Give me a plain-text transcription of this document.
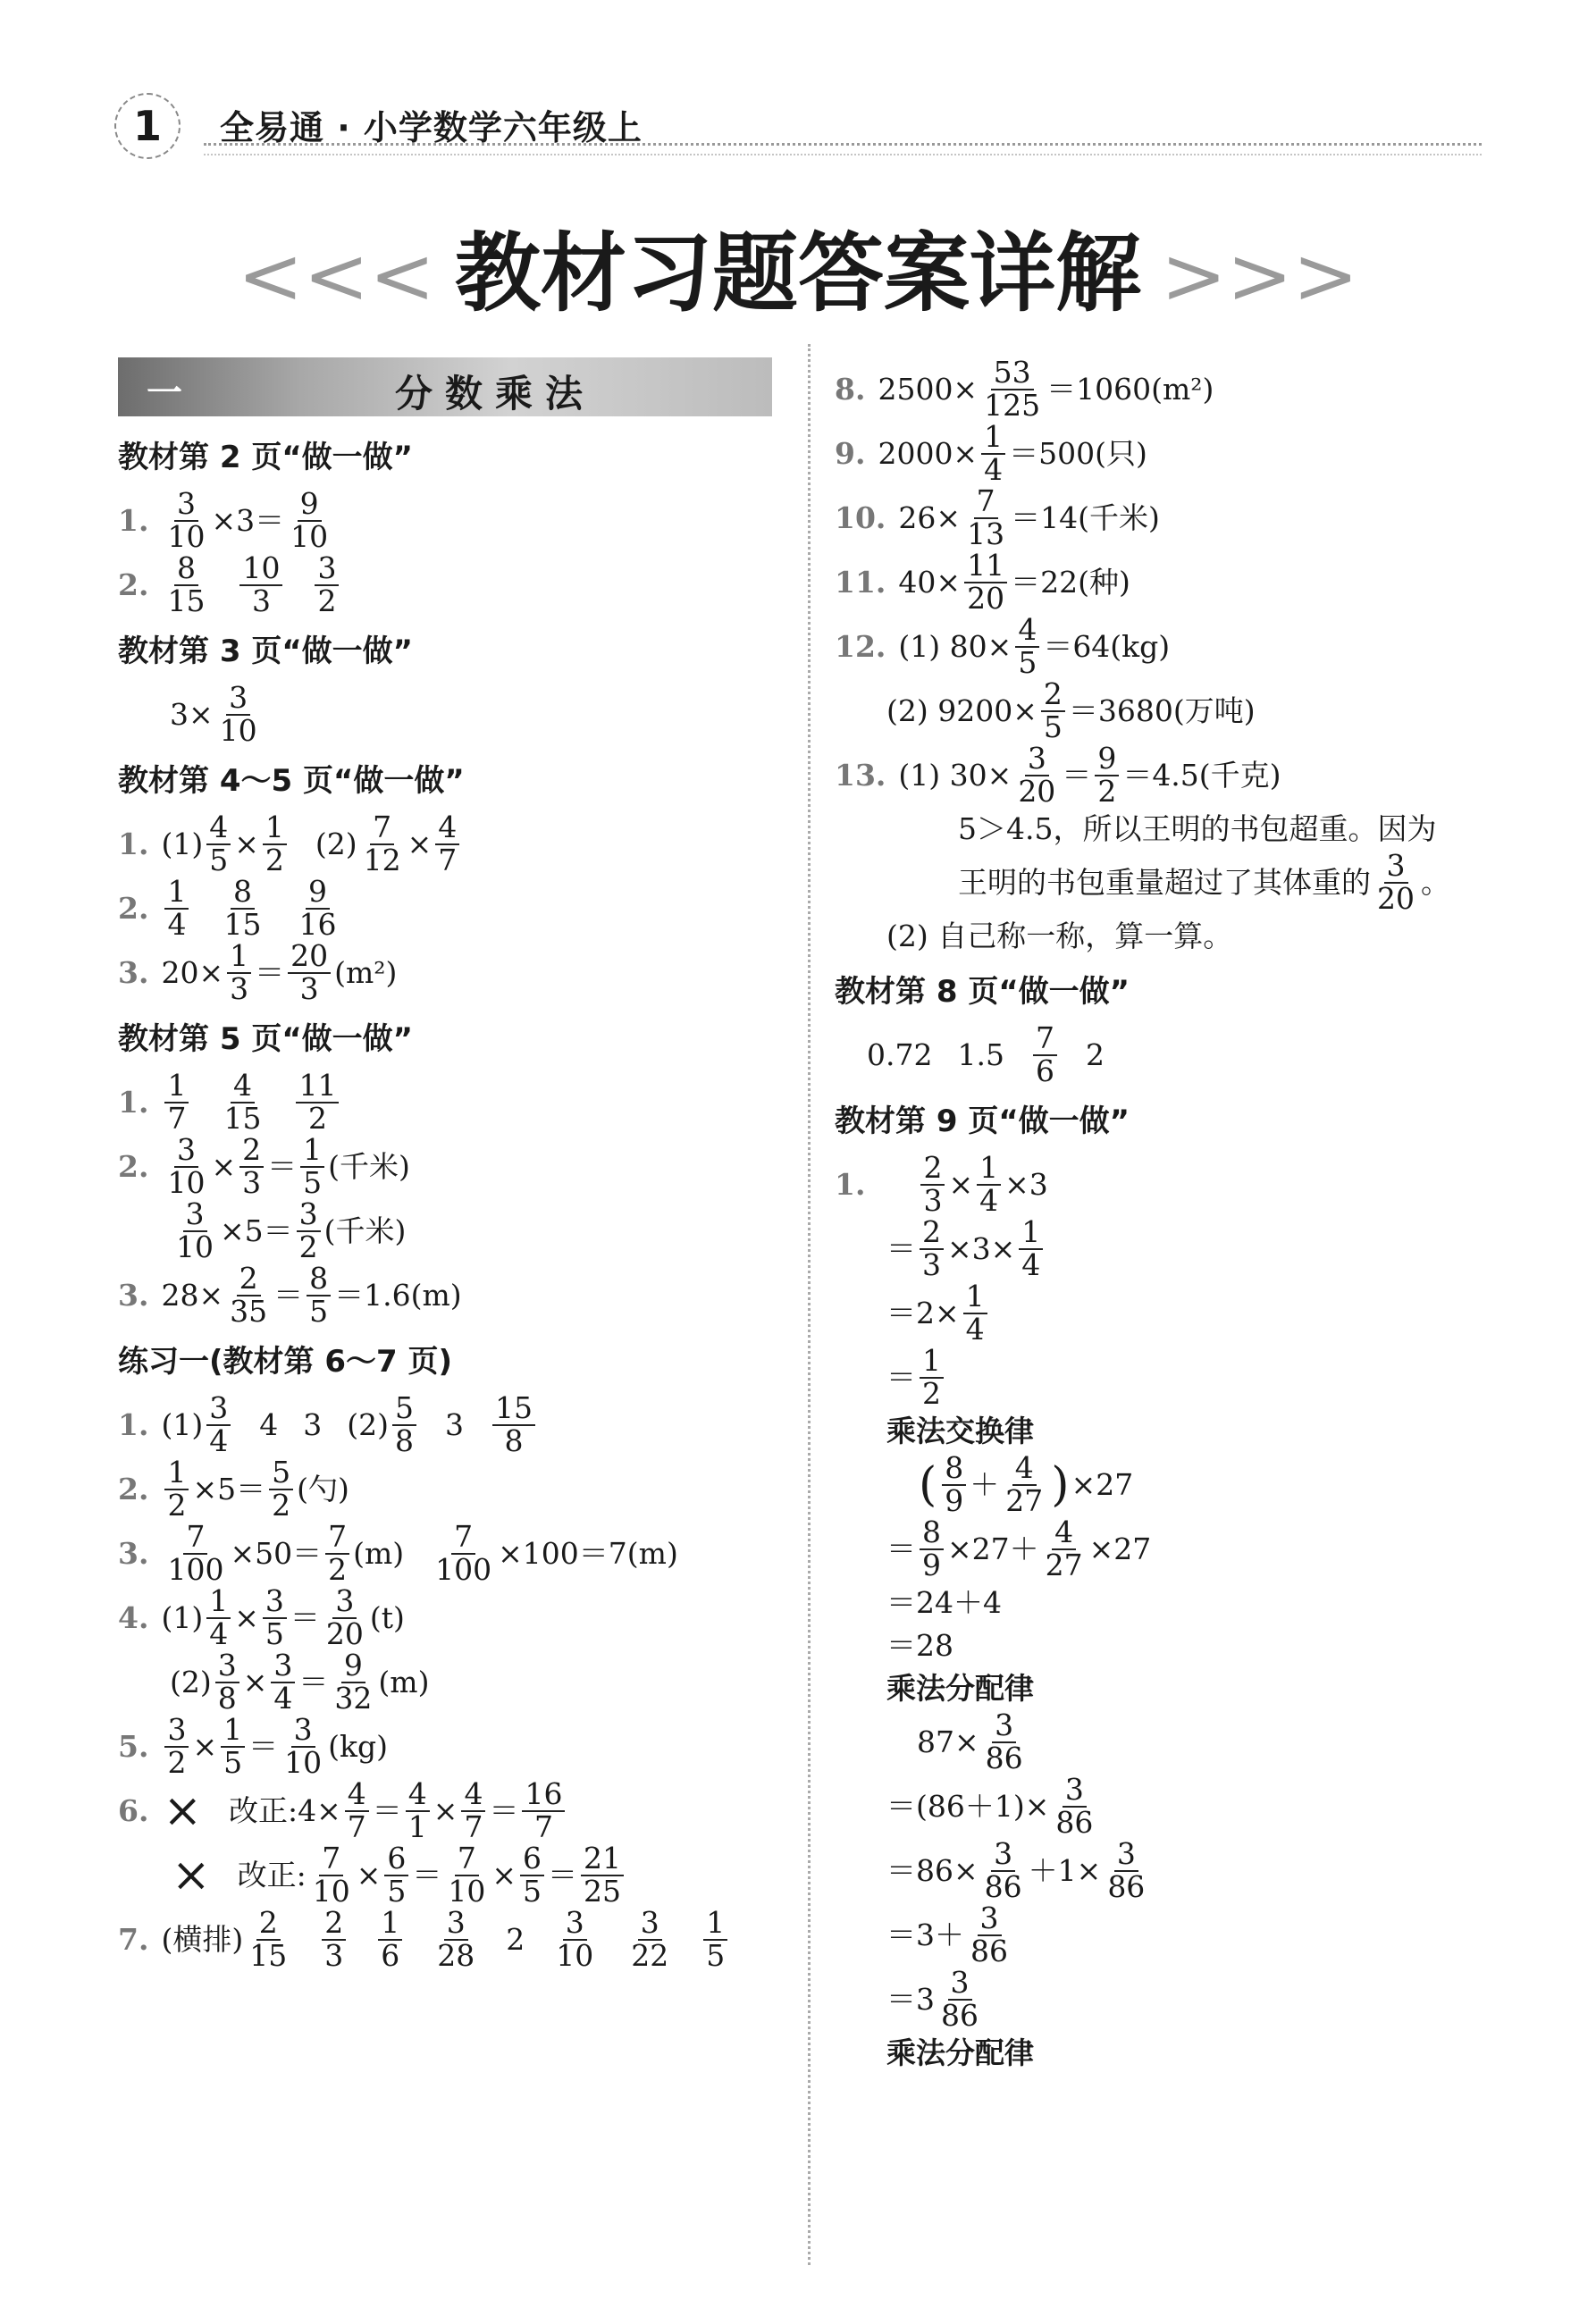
1	全易通 · 小学数学六年级上
<<< 教材习题答案详解 >>>
一	分数乘法
教材第 2 页“做一做”
1. 3
10 ×3＝ 9
10
2. 8
15
10
3
3
2
教材第 3 页“做一做”
3× 3
10
教材第 4～5 页“做一做”
1. (1) 4
5 × 1
2 (2) 7
12 × 4
7
2. 1
4
8
15
9
16
3. 20× 1
3 ＝ 20
3 (m²)
教材第 5 页“做一做”
1. 1
7
4
15
11
2
2. 3
10 × 2
3 ＝ 1
5 (千米)
3
10 ×5＝ 3
2 (千米)
3. 28× 2
35 ＝ 8
5 ＝1.6(m)
练习一(教材第 6～7 页)
1. (1) 3
4 4 3 (2) 5
8 3 15
8
2. 1
2 ×5＝ 5
2 (勺)
3. 7
100 ×50＝ 7
2 (m) 7
100 ×100＝7(m)
4. (1) 1
4 × 3
5 ＝ 3
20 (t)
(2) 3
8 × 3
4 ＝ 9
32 (m)
5. 3
2 × 1
5 ＝ 3
10 (kg)
6. × 改正:4× 4
7 ＝ 4
1 × 4
7 ＝ 16
7
× 改正: 7
10 × 6
5 ＝ 7
10 × 6
5 ＝ 21
25
7. (横排) 2
15
2
3
1
6
3
28 2 3
10
3
22
1
5
8. 2500× 53
125 ＝1060(m²)
9. 2000× 1
4 ＝500(只)
10. 26× 7
13 ＝14(千米)
11. 40× 11
20 ＝22(种)
12. (1) 80× 4
5 ＝64(kg)
(2) 9200× 2
5 ＝3680(万吨)
13. (1) 30× 3
20 ＝ 9
2 ＝4.5(千克)
5＞4.5，所以王明的书包超重。因为
王明的书包重量超过了其体重的 3
20 。
(2) 自己称一称，算一算。
教材第 8 页“做一做”
0.72 1.5 7
6 2
教材第 9 页“做一做”
1. 2
3 × 1
4 ×3
＝ 2
3 ×3× 1
4
＝2× 1
4
＝ 1
2
乘法交换律
( 8
9 ＋ 4
27 ) ×27
＝ 8
9 ×27＋ 4
27 ×27
＝24＋4
＝28
乘法分配律
87× 3
86
＝(86＋1)× 3
86
＝86× 3
86 ＋1× 3
86
＝3＋ 3
86
＝3 3
86
乘法分配律
